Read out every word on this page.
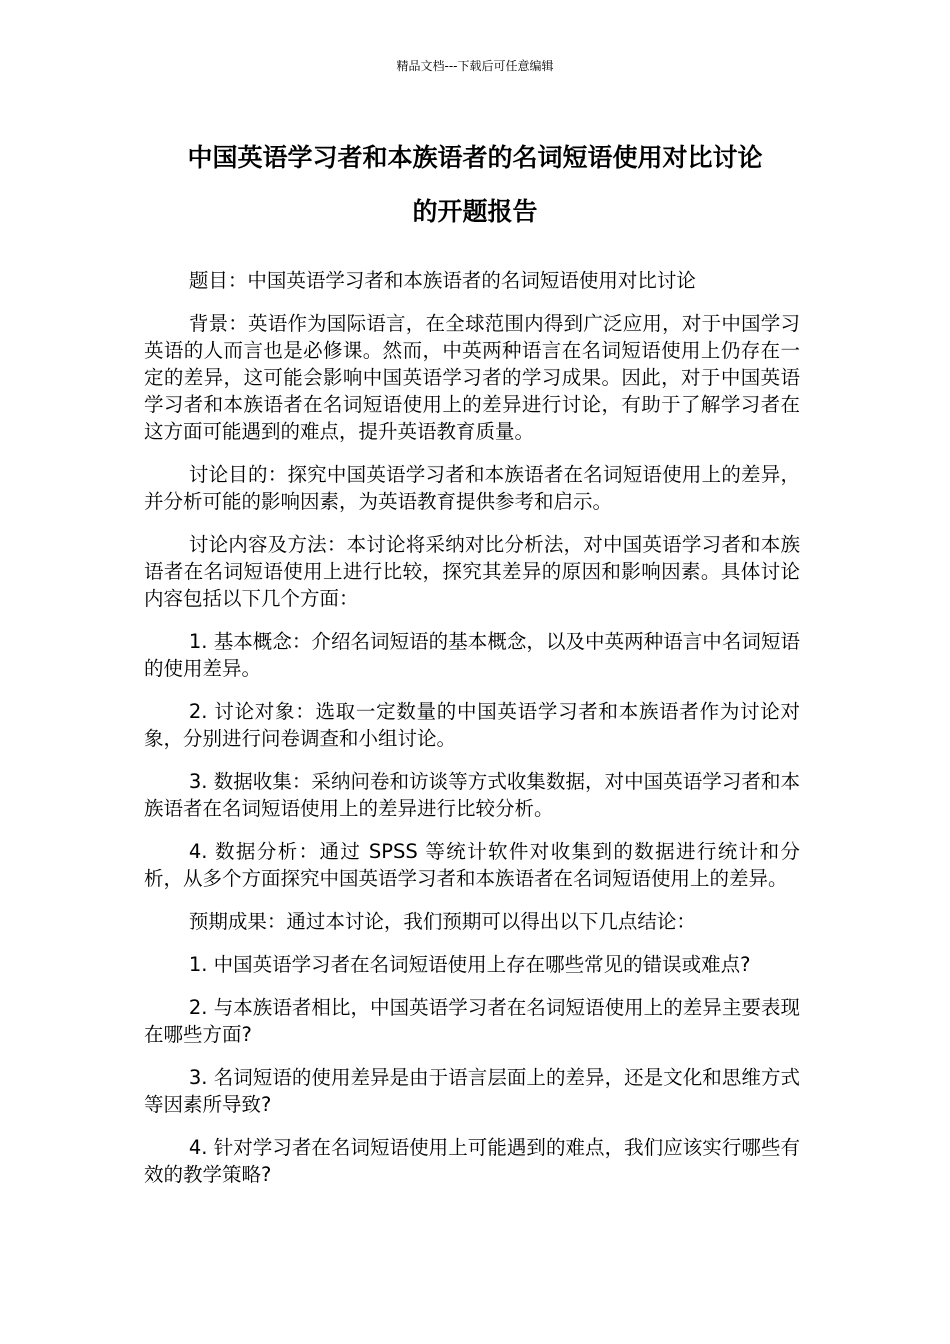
精品文档---下载后可任意编辑
中国英语学习者和本族语者的名词短语使用对比讨论
的开题报告

题目：中国英语学习者和本族语者的名词短语使用对比讨论

背景：英语作为国际语言，在全球范围内得到广泛应用，对于中国学习英语的人而言也是必修课。然而，中英两种语言在名词短语使用上仍存在一定的差异，这可能会影响中国英语学习者的学习成果。因此，对于中国英语学习者和本族语者在名词短语使用上的差异进行讨论，有助于了解学习者在这方面可能遇到的难点，提升英语教育质量。

讨论目的：探究中国英语学习者和本族语者在名词短语使用上的差异，并分析可能的影响因素，为英语教育提供参考和启示。

讨论内容及方法：本讨论将采纳对比分析法，对中国英语学习者和本族语者在名词短语使用上进行比较，探究其差异的原因和影响因素。具体讨论内容包括以下几个方面：

1. 基本概念：介绍名词短语的基本概念，以及中英两种语言中名词短语的使用差异。

2. 讨论对象：选取一定数量的中国英语学习者和本族语者作为讨论对象，分别进行问卷调查和小组讨论。

3. 数据收集：采纳问卷和访谈等方式收集数据，对中国英语学习者和本族语者在名词短语使用上的差异进行比较分析。

4. 数据分析：通过 SPSS 等统计软件对收集到的数据进行统计和分析，从多个方面探究中国英语学习者和本族语者在名词短语使用上的差异。

预期成果：通过本讨论，我们预期可以得出以下几点结论：

1. 中国英语学习者在名词短语使用上存在哪些常见的错误或难点?

2. 与本族语者相比，中国英语学习者在名词短语使用上的差异主要表现在哪些方面?

3. 名词短语的使用差异是由于语言层面上的差异，还是文化和思维方式等因素所导致?

4. 针对学习者在名词短语使用上可能遇到的难点，我们应该实行哪些有效的教学策略?
